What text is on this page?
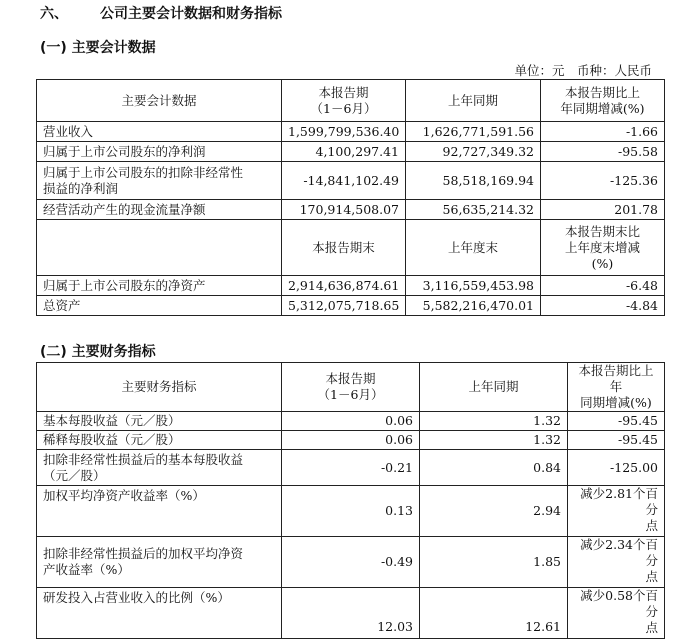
六、 公司主要会计数据和财务指标
(一) 主要会计数据
单位：元　币种：人民币
主要会计数据	本报告期
（1－6月）	上年同期	本报告期比上
年同期增减(%)
营业收入	1,599,799,536.40	1,626,771,591.56	-1.66
归属于上市公司股东的净利润	4,100,297.41	92,727,349.32	-95.58
归属于上市公司股东的扣除非经常性
损益的净利润	-14,841,102.49	58,518,169.94	-125.36
经营活动产生的现金流量净额	170,914,508.07	56,635,214.32	201.78
	本报告期末	上年度末	本报告期末比
上年度末增减
(%)
归属于上市公司股东的净资产	2,914,636,874.61	3,116,559,453.98	-6.48
总资产	5,312,075,718.65	5,582,216,470.01	-4.84
(二) 主要财务指标
主要财务指标	本报告期
（1－6月）	上年同期	本报告期比上年
同期增减(%)
基本每股收益（元／股）	0.06	1.32	-95.45
稀释每股收益（元／股）	0.06	1.32	-95.45
扣除非经常性损益后的基本每股收益
（元／股）	-0.21	0.84	-125.00
加权平均净资产收益率（%）	0.13	2.94	减少2.81个百分
点
扣除非经常性损益后的加权平均净资
产收益率（%）	-0.49	1.85	减少2.34个百分
点
研发投入占营业收入的比例（%）	12.03	12.61	减少0.58个百分
点
